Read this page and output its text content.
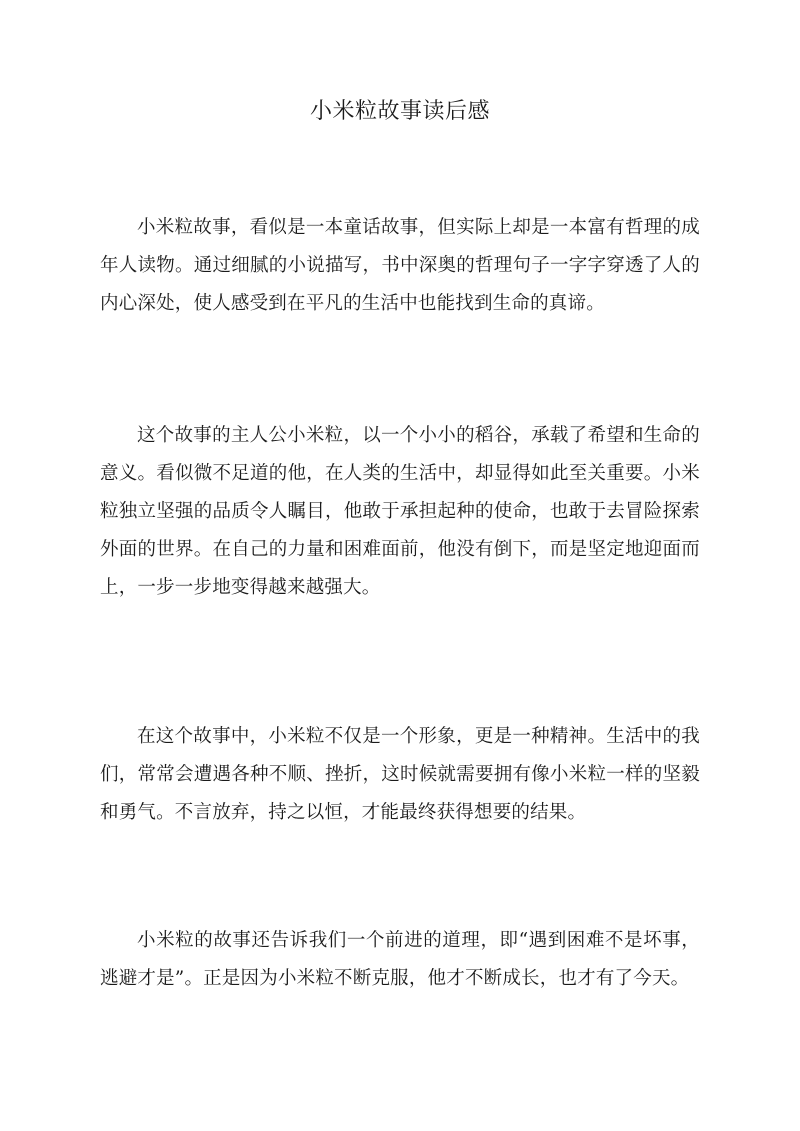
小米粒故事读后感

小米粒故事，看似是一本童话故事，但实际上却是一本富有哲理的成年人读物。通过细腻的小说描写，书中深奥的哲理句子一字字穿透了人的内心深处，使人感受到在平凡的生活中也能找到生命的真谛。

这个故事的主人公小米粒，以一个小小的稻谷，承载了希望和生命的意义。看似微不足道的他，在人类的生活中，却显得如此至关重要。小米粒独立坚强的品质令人瞩目，他敢于承担起种的使命，也敢于去冒险探索外面的世界。在自己的力量和困难面前，他没有倒下，而是坚定地迎面而上，一步一步地变得越来越强大。

在这个故事中，小米粒不仅是一个形象，更是一种精神。生活中的我们，常常会遭遇各种不顺、挫折，这时候就需要拥有像小米粒一样的坚毅和勇气。不言放弃，持之以恒，才能最终获得想要的结果。

小米粒的故事还告诉我们一个前进的道理，即“遇到困难不是坏事，逃避才是”。正是因为小米粒不断克服，他才不断成长，也才有了今天。
